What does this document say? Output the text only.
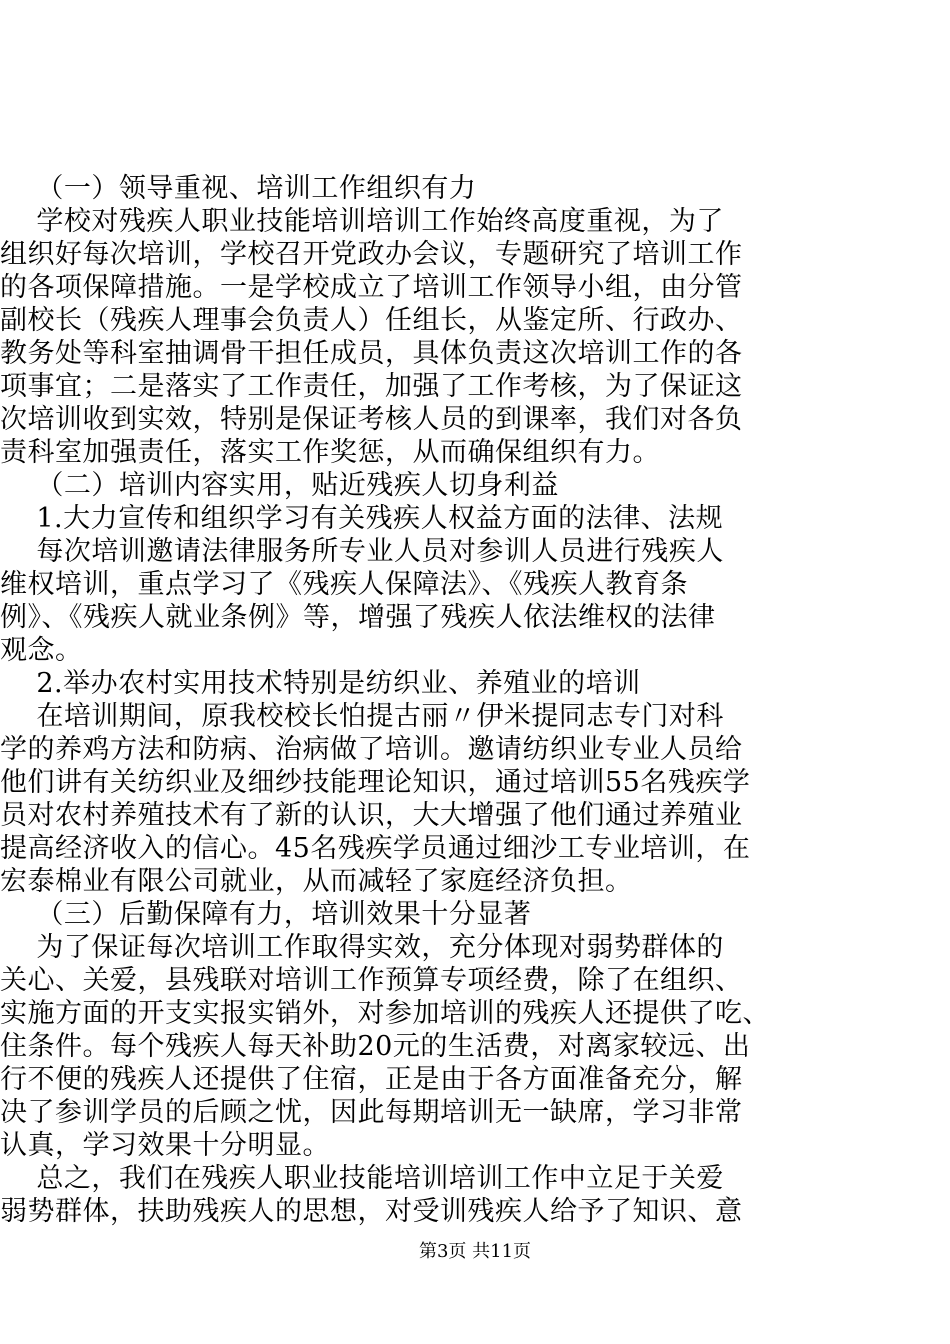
（一）领导重视、培训工作组织有力

学校对残疾人职业技能培训培训工作始终高度重视，为了

组织好每次培训，学校召开党政办会议，专题研究了培训工作

的各项保障措施。一是学校成立了培训工作领导小组，由分管

副校长（残疾人理事会负责人）任组长，从鉴定所、行政办、

教务处等科室抽调骨干担任成员，具体负责这次培训工作的各

项事宜；二是落实了工作责任，加强了工作考核，为了保证这

次培训收到实效，特别是保证考核人员的到课率，我们对各负

责科室加强责任，落实工作奖惩，从而确保组织有力。

（二）培训内容实用，贴近残疾人切身利益

1.大力宣传和组织学习有关残疾人权益方面的法律、法规

每次培训邀请法律服务所专业人员对参训人员进行残疾人

维权培训，重点学习了《残疾人保障法》、《残疾人教育条

例》、《残疾人就业条例》等，增强了残疾人依法维权的法律

观念。

2.举办农村实用技术特别是纺织业、养殖业的培训

在培训期间，原我校校长怕提古丽〃伊米提同志专门对科

学的养鸡方法和防病、治病做了培训。邀请纺织业专业人员给

他们讲有关纺织业及细纱技能理论知识，通过培训55名残疾学

员对农村养殖技术有了新的认识，大大增强了他们通过养殖业

提高经济收入的信心。45名残疾学员通过细沙工专业培训，在

宏泰棉业有限公司就业，从而减轻了家庭经济负担。

（三）后勤保障有力，培训效果十分显著

为了保证每次培训工作取得实效，充分体现对弱势群体的

关心、关爱，县残联对培训工作预算专项经费，除了在组织、

实施方面的开支实报实销外，对参加培训的残疾人还提供了吃、

住条件。每个残疾人每天补助20元的生活费，对离家较远、出

行不便的残疾人还提供了住宿，正是由于各方面准备充分，解

决了参训学员的后顾之忧，因此每期培训无一缺席，学习非常

认真，学习效果十分明显。

总之，我们在残疾人职业技能培训培训工作中立足于关爱

弱势群体，扶助残疾人的思想，对受训残疾人给予了知识、意

第3页 共11页
